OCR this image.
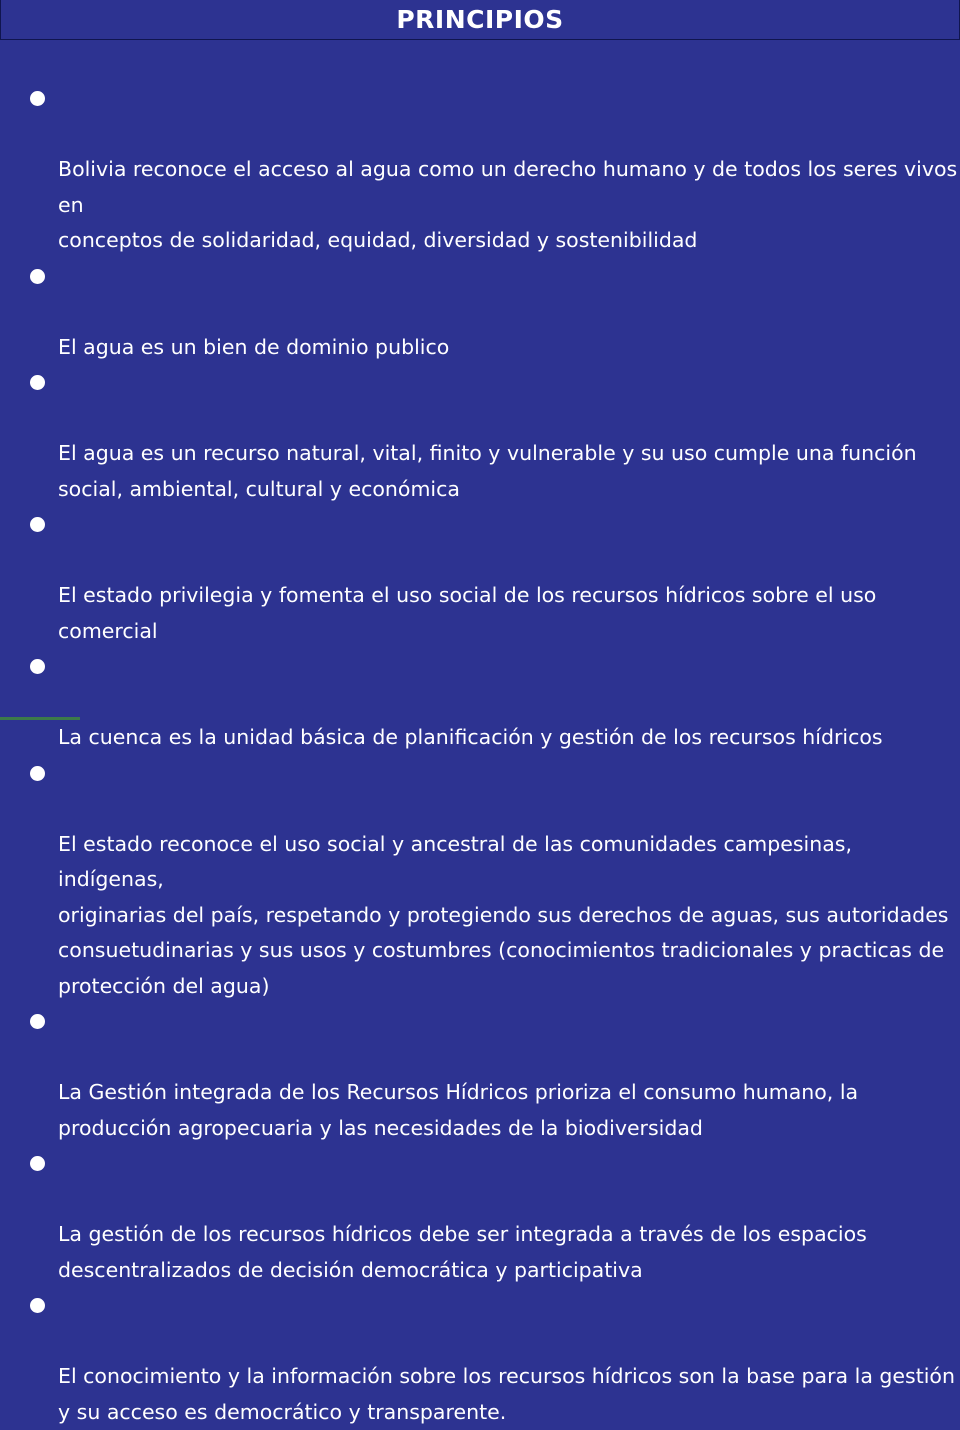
PRINCIPIOS

Bolivia reconoce el acceso al agua como un derecho humano y de todos los seres vivos en
conceptos de solidaridad, equidad, diversidad y sostenibilidad

El agua es un bien de dominio publico

El agua es un recurso natural, vital, finito y vulnerable y su uso cumple una función
social, ambiental, cultural y económica

El estado privilegia y fomenta el uso social de los recursos hídricos sobre el uso
comercial

La cuenca es la unidad básica de planificación y gestión de los recursos hídricos

El estado reconoce el uso social y ancestral de las comunidades campesinas, indígenas,
originarias del país, respetando y protegiendo sus derechos de aguas, sus autoridades
consuetudinarias y sus usos y costumbres (conocimientos tradicionales y practicas de
protección del agua)

La Gestión integrada de los Recursos Hídricos prioriza el consumo humano, la
producción agropecuaria y las necesidades de la biodiversidad

La gestión de los recursos hídricos debe ser integrada a través de los espacios
descentralizados de decisión democrática y participativa

El conocimiento y la información sobre los recursos hídricos son la base para la gestión
y su acceso es democrático y transparente.
